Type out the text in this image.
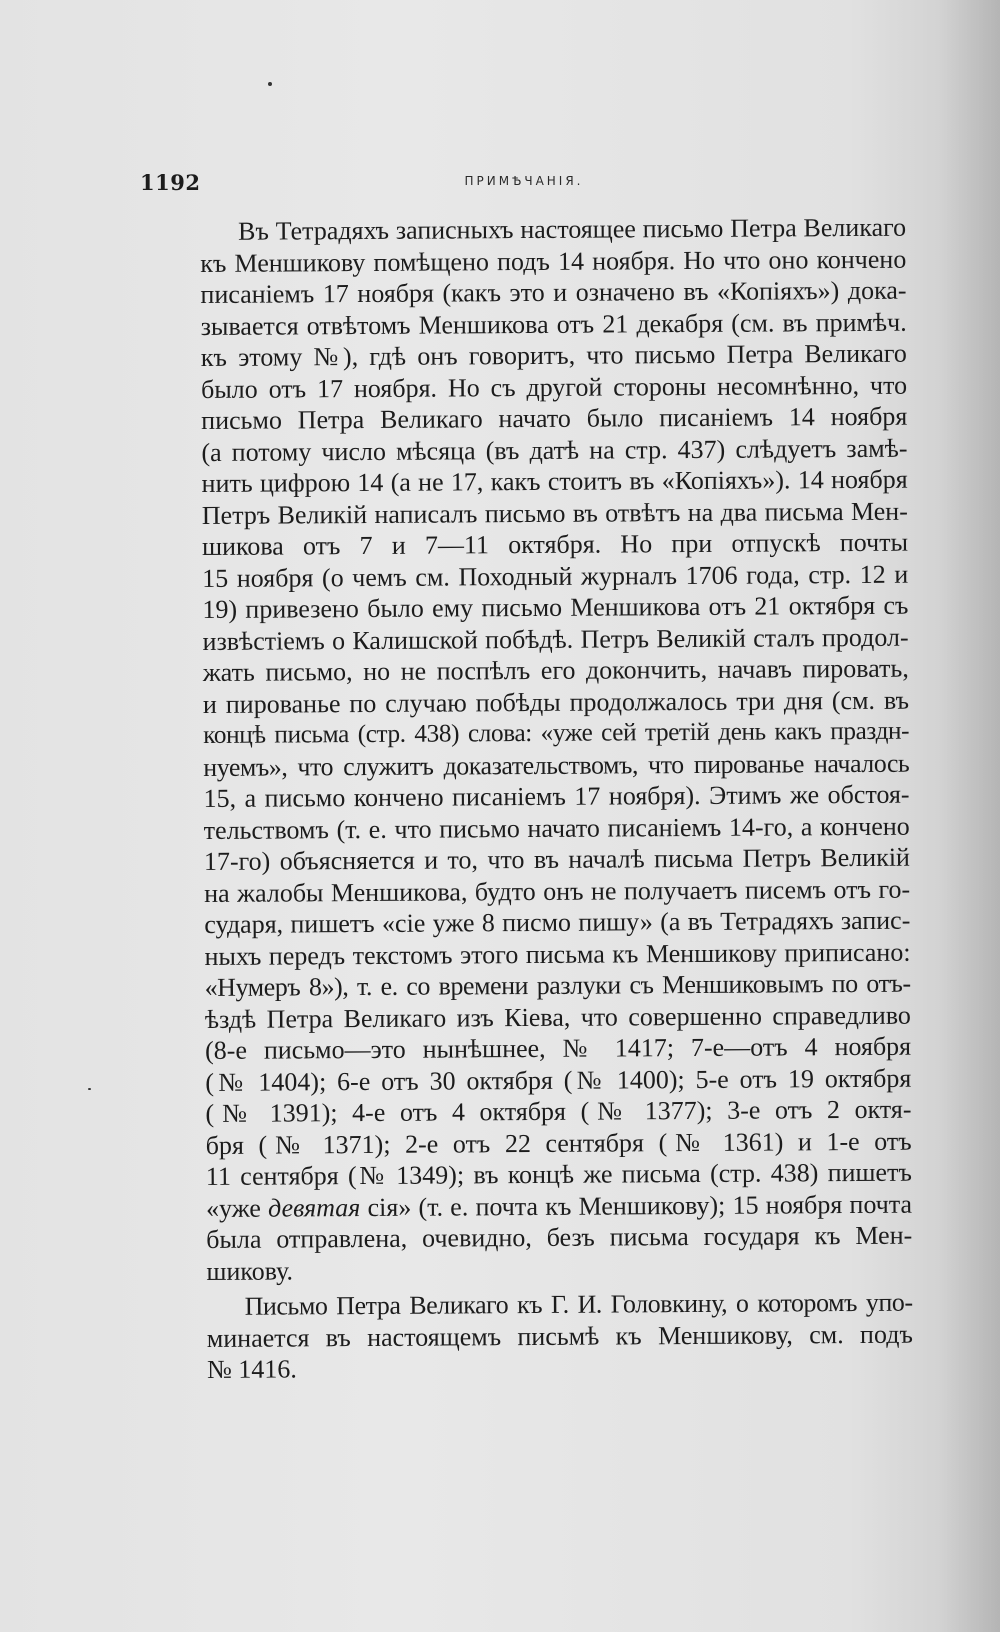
1192	ПРИМѢЧАНІЯ.

Въ Тетрадяхъ записныхъ настоящее письмо Петра Великаго
къ Меншикову помѣщено подъ 14 ноября. Но что оно кончено
писаніемъ 17 ноября (какъ это и означено въ «Копіяхъ») дока-
зывается отвѣтомъ Меншикова отъ 21 декабря (см. въ примѣч.
къ этому №), гдѣ онъ говоритъ, что письмо Петра Великаго
было отъ 17 ноября. Но съ другой стороны несомнѣнно, что
письмо Петра Великаго начато было писаніемъ 14 ноября
(а потому число мѣсяца (въ датѣ на стр. 437) слѣдуетъ замѣ-
нить цифрою 14 (а не 17, какъ стоитъ въ «Копіяхъ»). 14 ноября
Петръ Великій написалъ письмо въ отвѣтъ на два письма Мен-
шикова отъ 7 и 7—11 октября. Но при отпускѣ почты
15 ноября (о чемъ см. Походный журналъ 1706 года, стр. 12 и
19) привезено было ему письмо Меншикова отъ 21 октября съ
извѣстіемъ о Калишской побѣдѣ. Петръ Великій сталъ продол-
жать письмо, но не поспѣлъ его докончить, начавъ пировать,
и пированье по случаю побѣды продолжалось три дня (см. въ
концѣ письма (стр. 438) слова: «уже сей третій день какъ праздн-
нуемъ», что служитъ доказательствомъ, что пированье началось
15, а письмо кончено писаніемъ 17 ноября). Этимъ же обстоя-
тельствомъ (т. е. что письмо начато писаніемъ 14-го, а кончено
17-го) объясняется и то, что въ началѣ письма Петръ Великій
на жалобы Меншикова, будто онъ не получаетъ писемъ отъ го-
сударя, пишетъ «сіе уже 8 писмо пишу» (а въ Тетрадяхъ запис-
ныхъ передъ текстомъ этого письма къ Меншикову приписано:
«Нумеръ 8»), т. е. со времени разлуки съ Меншиковымъ по отъ-
ѣздѣ Петра Великаго изъ Кіева, что совершенно справедливо
(8-е письмо—это нынѣшнее, № 1417; 7-е—отъ 4 ноября
(№ 1404); 6-е отъ 30 октября (№ 1400); 5-е отъ 19 октября
(№ 1391); 4-е отъ 4 октября (№ 1377); 3-е отъ 2 октя-
бря (№ 1371); 2-е отъ 22 сентября (№ 1361) и 1-е отъ
11 сентября (№ 1349); въ концѣ же письма (стр. 438) пишетъ
«уже девятая сія» (т. е. почта къ Меншикову); 15 ноября почта
была отправлена, очевидно, безъ письма государя къ Мен-
шикову.

Письмо Петра Великаго къ Г. И. Головкину, о которомъ упо-
минается въ настоящемъ письмѣ къ Меншикову, см. подъ
№ 1416.
